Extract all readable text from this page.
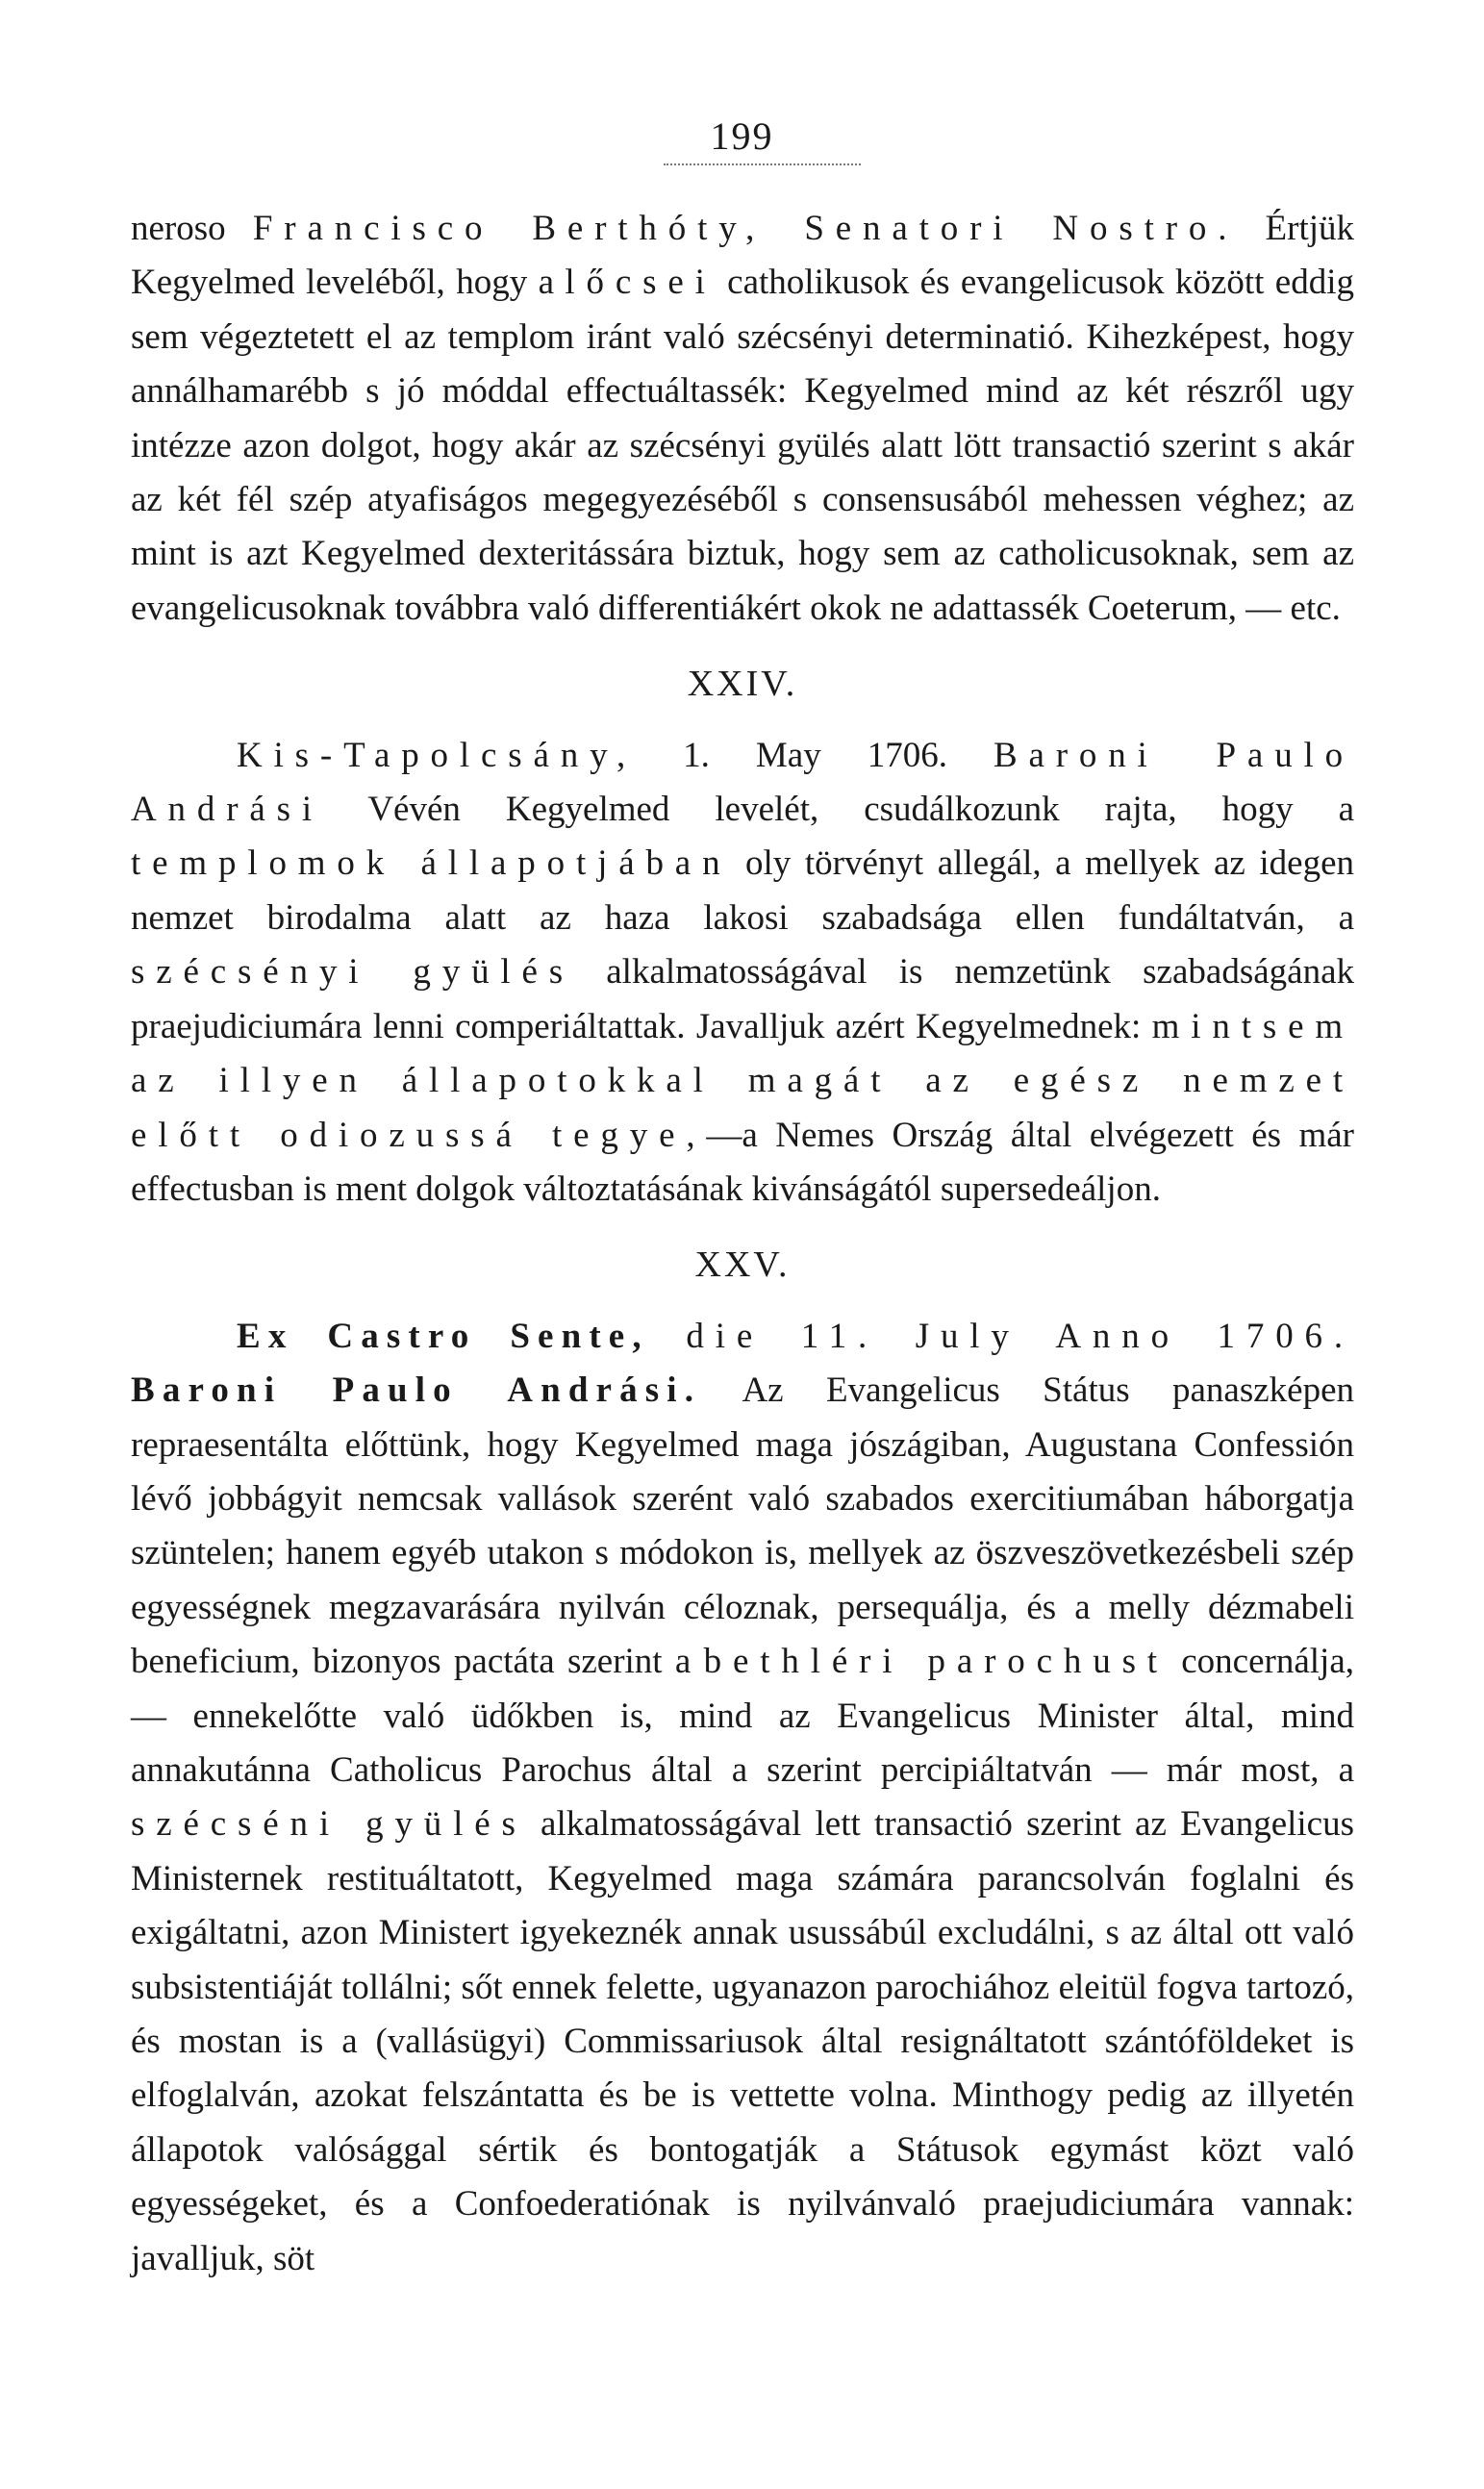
199

neroso Francisco Berthóty, Senatori Nostro. Értjük Kegyelmed leveléből, hogy a lőcsei catholikusok és evangelicusok között eddig sem végeztetett el az templom iránt való szécsényi determinatió. Kihezképest, hogy annálhamarébb s jó móddal effectuáltassék: Kegyelmed mind az két részről ugy intézze azon dolgot, hogy akár az szécsényi gyülés alatt lött transactió szerint s akár az két fél szép atyafiságos megegyezéséből s consensusából mehessen véghez; az mint is azt Kegyelmed dexteritássára biztuk, hogy sem az catholicusoknak, sem az evangelicusoknak továbbra való differentiákért okok ne adattassék Coeterum, — etc.

XXIV.

Kis-Tapolcsány, 1. May 1706. Baroni Paulo Andrási Vévén Kegyelmed levelét, csudálkozunk rajta, hogy a templomok állapotjában oly törvényt allegál, a mellyek az idegen nemzet birodalma alatt az haza lakosi szabadsága ellen fundáltatván, a szécsényi gyülés alkalmatosságával is nemzetünk szabadságának praejudiciumára lenni comperiáltattak. Javalljuk azért Kegyelmednek: mintsem az illyen állapotokkal magát az egész nemzet előtt odiozussá tegye,—a Nemes Ország által elvégezett és már effectusban is ment dolgok változtatásának kivánságától supersedeáljon.

XXV.

Ex Castro Sente, die 11. July Anno 1706. Baroni Paulo Andrási. Az Evangelicus Státus panaszképen repraesentálta előttünk, hogy Kegyelmed maga jószágiban, Augustana Confessión lévő jobbágyit nemcsak vallások szerént való szabados exercitiumában háborgatja szüntelen; hanem egyéb utakon s módokon is, mellyek az öszveszövetkezésbeli szép egyességnek megzavarására nyilván céloznak, persequálja, és a melly dézmabeli beneficium, bizonyos pactáta szerint a bethléri parochust concernálja, — ennekelőtte való üdőkben is, mind az Evangelicus Minister által, mind annakutánna Catholicus Parochus által a szerint percipiáltatván — már most, a szécséni gyülés alkalmatosságával lett transactió szerint az Evangelicus Ministernek restituáltatott, Kegyelmed maga számára parancsolván foglalni és exigáltatni, azon Ministert igyekeznék annak usussábúl excludálni, s az által ott való subsistentiáját tollálni; sőt ennek felette, ugyanazon parochiához eleitül fogva tartozó, és mostan is a (vallásügyi) Commissariusok által resignáltatott szántóföldeket is elfoglalván, azokat felszántatta és be is vettette volna. Minthogy pedig az illyetén állapotok valósággal sértik és bontogatják a Státusok egymást közt való egyességeket, és a Confoederatiónak is nyilvánvaló praejudiciumára vannak: javalljuk, söt
